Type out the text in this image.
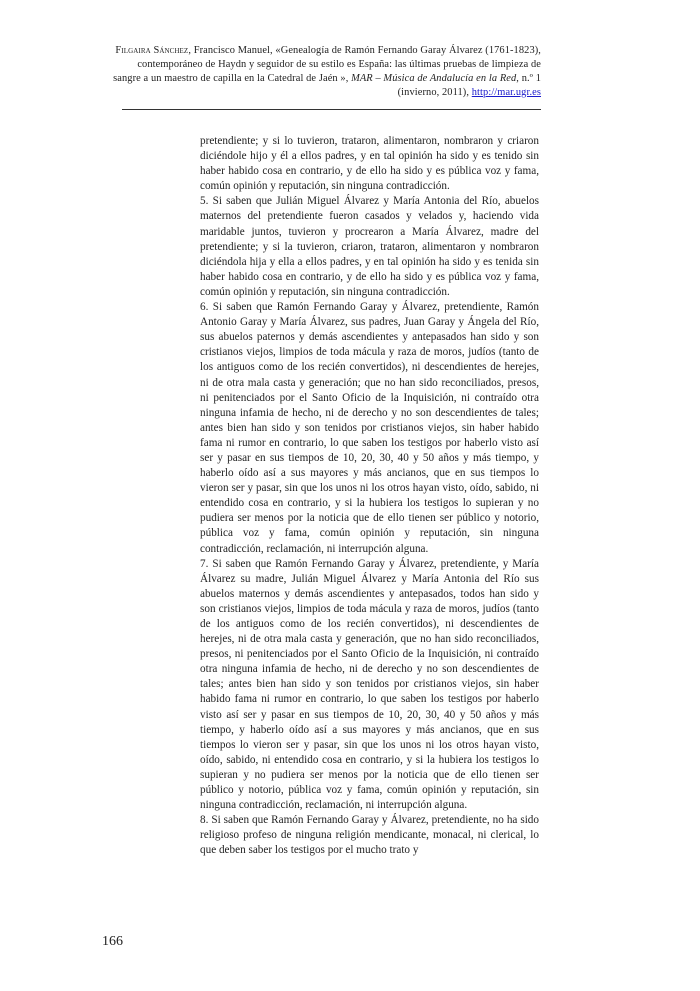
Filgaira Sánchez, Francisco Manuel, «Genealogía de Ramón Fernando Garay Álvarez (1761-1823), contemporáneo de Haydn y seguidor de su estilo es España: las últimas pruebas de limpieza de sangre a un maestro de capilla en la Catedral de Jaén », MAR – Música de Andalucía en la Red, n.º 1 (invierno, 2011), http://mar.ugr.es

pretendiente; y si lo tuvieron, trataron, alimentaron, nombraron y criaron diciéndole hijo y él a ellos padres, y en tal opinión ha sido y es tenido sin haber habido cosa en contrario, y de ello ha sido y es pública voz y fama, común opinión y reputación, sin ninguna contradicción.

5. Si saben que Julián Miguel Álvarez y María Antonia del Río, abuelos maternos del pretendiente fueron casados y velados y, haciendo vida maridable juntos, tuvieron y procrearon a María Álvarez, madre del pretendiente; y si la tuvieron, criaron, trataron, alimentaron y nombraron diciéndola hija y ella a ellos padres, y en tal opinión ha sido y es tenida sin haber habido cosa en contrario, y de ello ha sido y es pública voz y fama, común opinión y reputación, sin ninguna contradicción.

6. Si saben que Ramón Fernando Garay y Álvarez, pretendiente, Ramón Antonio Garay y María Álvarez, sus padres, Juan Garay y Ángela del Río, sus abuelos paternos y demás ascendientes y antepasados han sido y son cristianos viejos, limpios de toda mácula y raza de moros, judíos (tanto de los antiguos como de los recién convertidos), ni descendientes de herejes, ni de otra mala casta y generación; que no han sido reconciliados, presos, ni penitenciados por el Santo Oficio de la Inquisición, ni contraído otra ninguna infamia de hecho, ni de derecho y no son descendientes de tales; antes bien han sido y son tenidos por cristianos viejos, sin haber habido fama ni rumor en contrario, lo que saben los testigos por haberlo visto así ser y pasar en sus tiempos de 10, 20, 30, 40 y 50 años y más tiempo, y haberlo oído así a sus mayores y más ancianos, que en sus tiempos lo vieron ser y pasar, sin que los unos ni los otros hayan visto, oído, sabido, ni entendido cosa en contrario, y si la hubiera los testigos lo supieran y no pudiera ser menos por la noticia que de ello tienen ser público y notorio, pública voz y fama, común opinión y reputación, sin ninguna contradicción, reclamación, ni interrupción alguna.

7. Si saben que Ramón Fernando Garay y Álvarez, pretendiente, y María Álvarez su madre, Julián Miguel Álvarez y María Antonia del Río sus abuelos maternos y demás ascendientes y antepasados, todos han sido y son cristianos viejos, limpios de toda mácula y raza de moros, judíos (tanto de los antiguos como de los recién convertidos), ni descendientes de herejes, ni de otra mala casta y generación, que no han sido reconciliados, presos, ni penitenciados por el Santo Oficio de la Inquisición, ni contraído otra ninguna infamia de hecho, ni de derecho y no son descendientes de tales; antes bien han sido y son tenidos por cristianos viejos, sin haber habido fama ni rumor en contrario, lo que saben los testigos por haberlo visto así ser y pasar en sus tiempos de 10, 20, 30, 40 y 50 años y más tiempo, y haberlo oído así a sus mayores y más ancianos, que en sus tiempos lo vieron ser y pasar, sin que los unos ni los otros hayan visto, oído, sabido, ni entendido cosa en contrario, y si la hubiera los testigos lo supieran y no pudiera ser menos por la noticia que de ello tienen ser público y notorio, pública voz y fama, común opinión y reputación, sin ninguna contradicción, reclamación, ni interrupción alguna.

8. Si saben que Ramón Fernando Garay y Álvarez, pretendiente, no ha sido religioso profeso de ninguna religión mendicante, monacal, ni clerical, lo que deben saber los testigos por el mucho trato y

166
